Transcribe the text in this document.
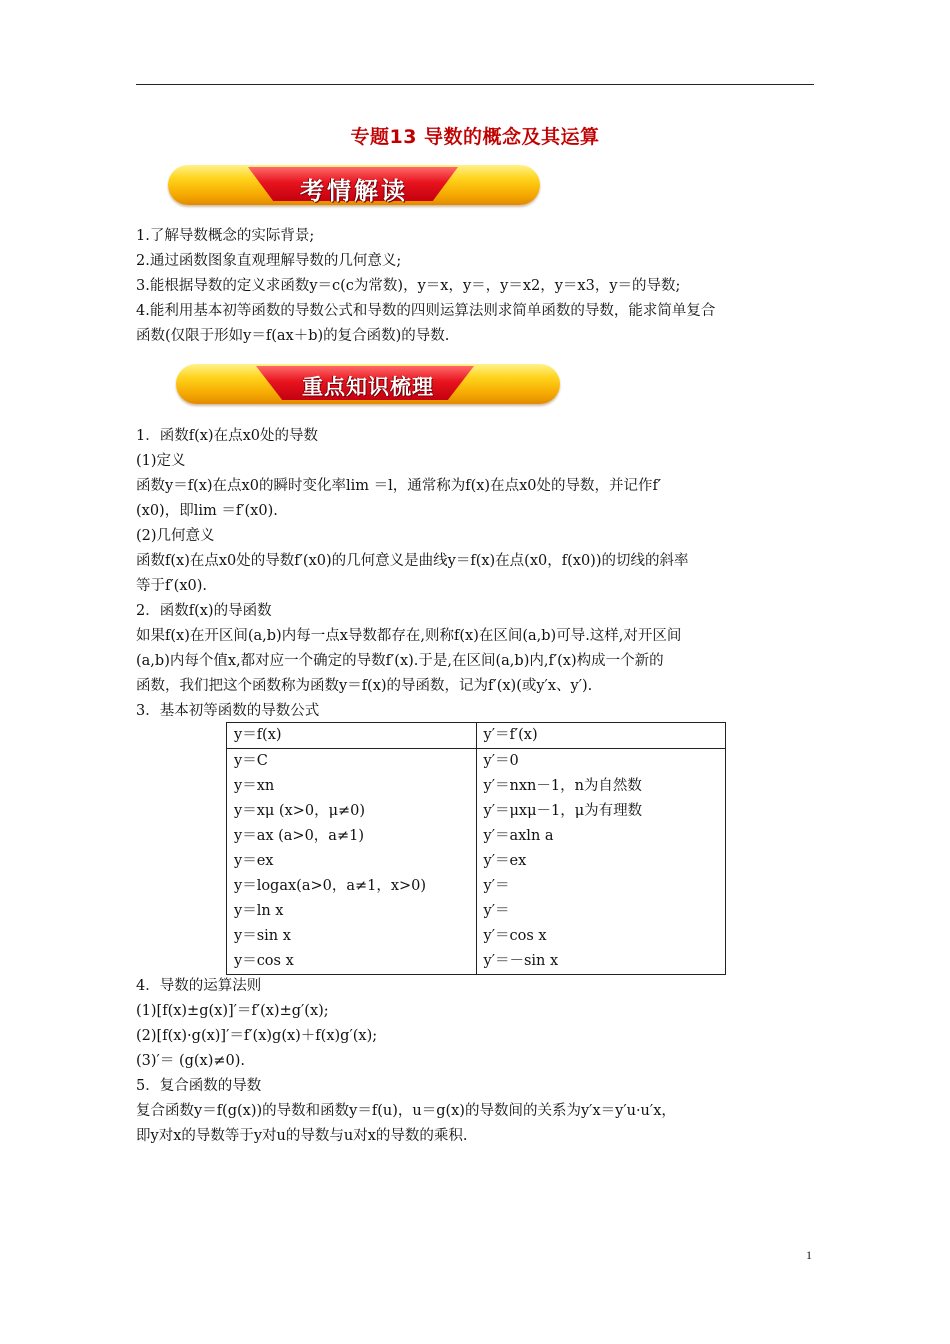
专题13 导数的概念及其运算
考情解读
1.了解导数概念的实际背景;
2.通过函数图象直观理解导数的几何意义;
3.能根据导数的定义求函数y＝c(c为常数)，y＝x，y＝，y＝x2，y＝x3，y＝的导数;
4.能利用基本初等函数的导数公式和导数的四则运算法则求简单函数的导数，能求简单复合
函数(仅限于形如y＝f(ax＋b)的复合函数)的导数.
重点知识梳理
1．函数f(x)在点x0处的导数
(1)定义
函数y＝f(x)在点x0的瞬时变化率lim ＝l，通常称为f(x)在点x0处的导数，并记作f′
(x0)，即lim ＝f′(x0).
(2)几何意义
函数f(x)在点x0处的导数f′(x0)的几何意义是曲线y＝f(x)在点(x0，f(x0))的切线的斜率
等于f′(x0).
2．函数f(x)的导函数
如果f(x)在开区间(a,b)内每一点x导数都存在,则称f(x)在区间(a,b)可导.这样,对开区间
(a,b)内每个值x,都对应一个确定的导数f′(x).于是,在区间(a,b)内,f′(x)构成一个新的
函数，我们把这个函数称为函数y＝f(x)的导函数，记为f′(x)(或y′x、y′).
3．基本初等函数的导数公式
y＝f(x)	y′＝f′(x)
y＝C	y′＝0
y＝xn	y′＝nxn－1，n为自然数
y＝xμ (x>0，μ≠0)	y′＝μxμ－1，μ为有理数
y＝ax (a>0，a≠1)	y′＝axln a
y＝ex	y′＝ex
y＝logax(a>0，a≠1，x>0)	y′＝
y＝ln x	y′＝
y＝sin x	y′＝cos x
y＝cos x	y′＝－sin x
4．导数的运算法则
(1)[f(x)±g(x)]′＝f′(x)±g′(x);
(2)[f(x)·g(x)]′＝f′(x)g(x)＋f(x)g′(x);
(3)′＝ (g(x)≠0).
5．复合函数的导数
复合函数y＝f(g(x))的导数和函数y＝f(u)，u＝g(x)的导数间的关系为y′x＝y′u·u′x，
即y对x的导数等于y对u的导数与u对x的导数的乘积.
1
